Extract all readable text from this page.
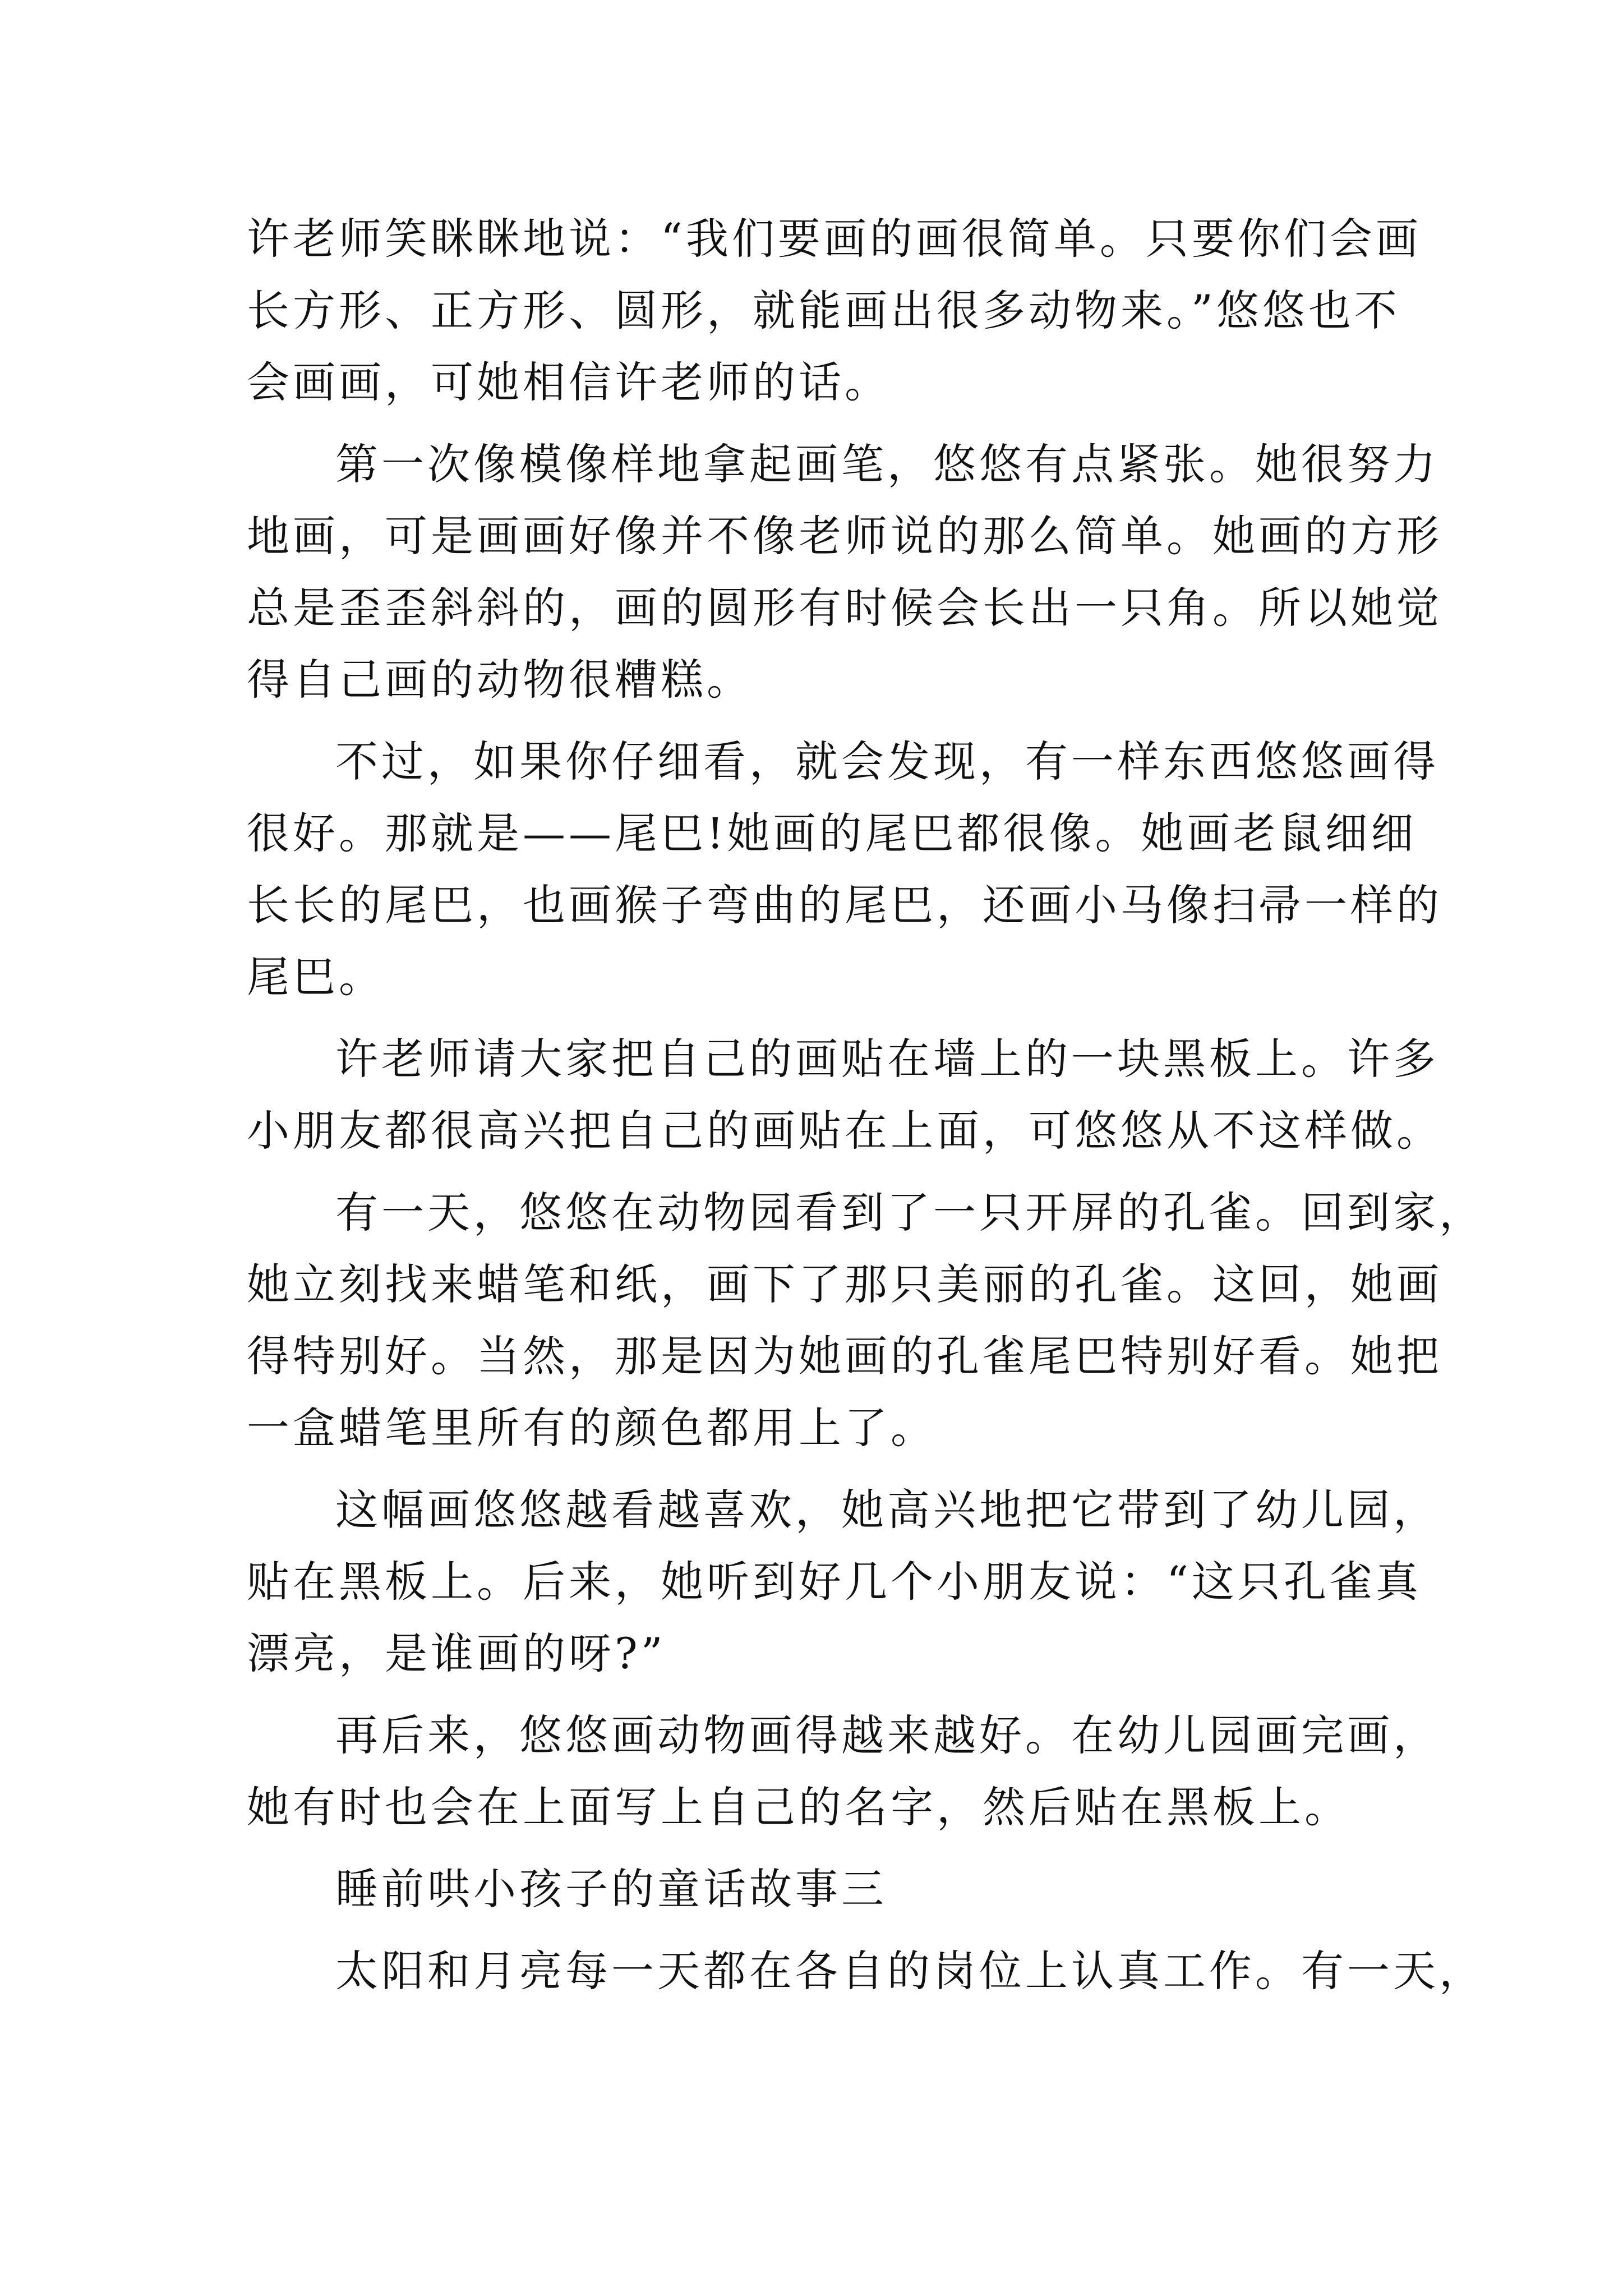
许老师笑眯眯地说：“我们要画的画很简单。只要你们会画
长方形、正方形、圆形，就能画出很多动物来。”悠悠也不
会画画，可她相信许老师的话。
第一次像模像样地拿起画笔，悠悠有点紧张。她很努力
地画，可是画画好像并不像老师说的那么简单。她画的方形
总是歪歪斜斜的，画的圆形有时候会长出一只角。所以她觉
得自己画的动物很糟糕。
不过，如果你仔细看，就会发现，有一样东西悠悠画得
很好。那就是——尾巴!她画的尾巴都很像。她画老鼠细细
长长的尾巴，也画猴子弯曲的尾巴，还画小马像扫帚一样的
尾巴。
许老师请大家把自己的画贴在墙上的一块黑板上。许多
小朋友都很高兴把自己的画贴在上面，可悠悠从不这样做。
有一天，悠悠在动物园看到了一只开屏的孔雀。回到家，
她立刻找来蜡笔和纸，画下了那只美丽的孔雀。这回，她画
得特别好。当然，那是因为她画的孔雀尾巴特别好看。她把
一盒蜡笔里所有的颜色都用上了。
这幅画悠悠越看越喜欢，她高兴地把它带到了幼儿园，
贴在黑板上。后来，她听到好几个小朋友说：“这只孔雀真
漂亮，是谁画的呀?”
再后来，悠悠画动物画得越来越好。在幼儿园画完画，
她有时也会在上面写上自己的名字，然后贴在黑板上。
睡前哄小孩子的童话故事三
太阳和月亮每一天都在各自的岗位上认真工作。有一天，
